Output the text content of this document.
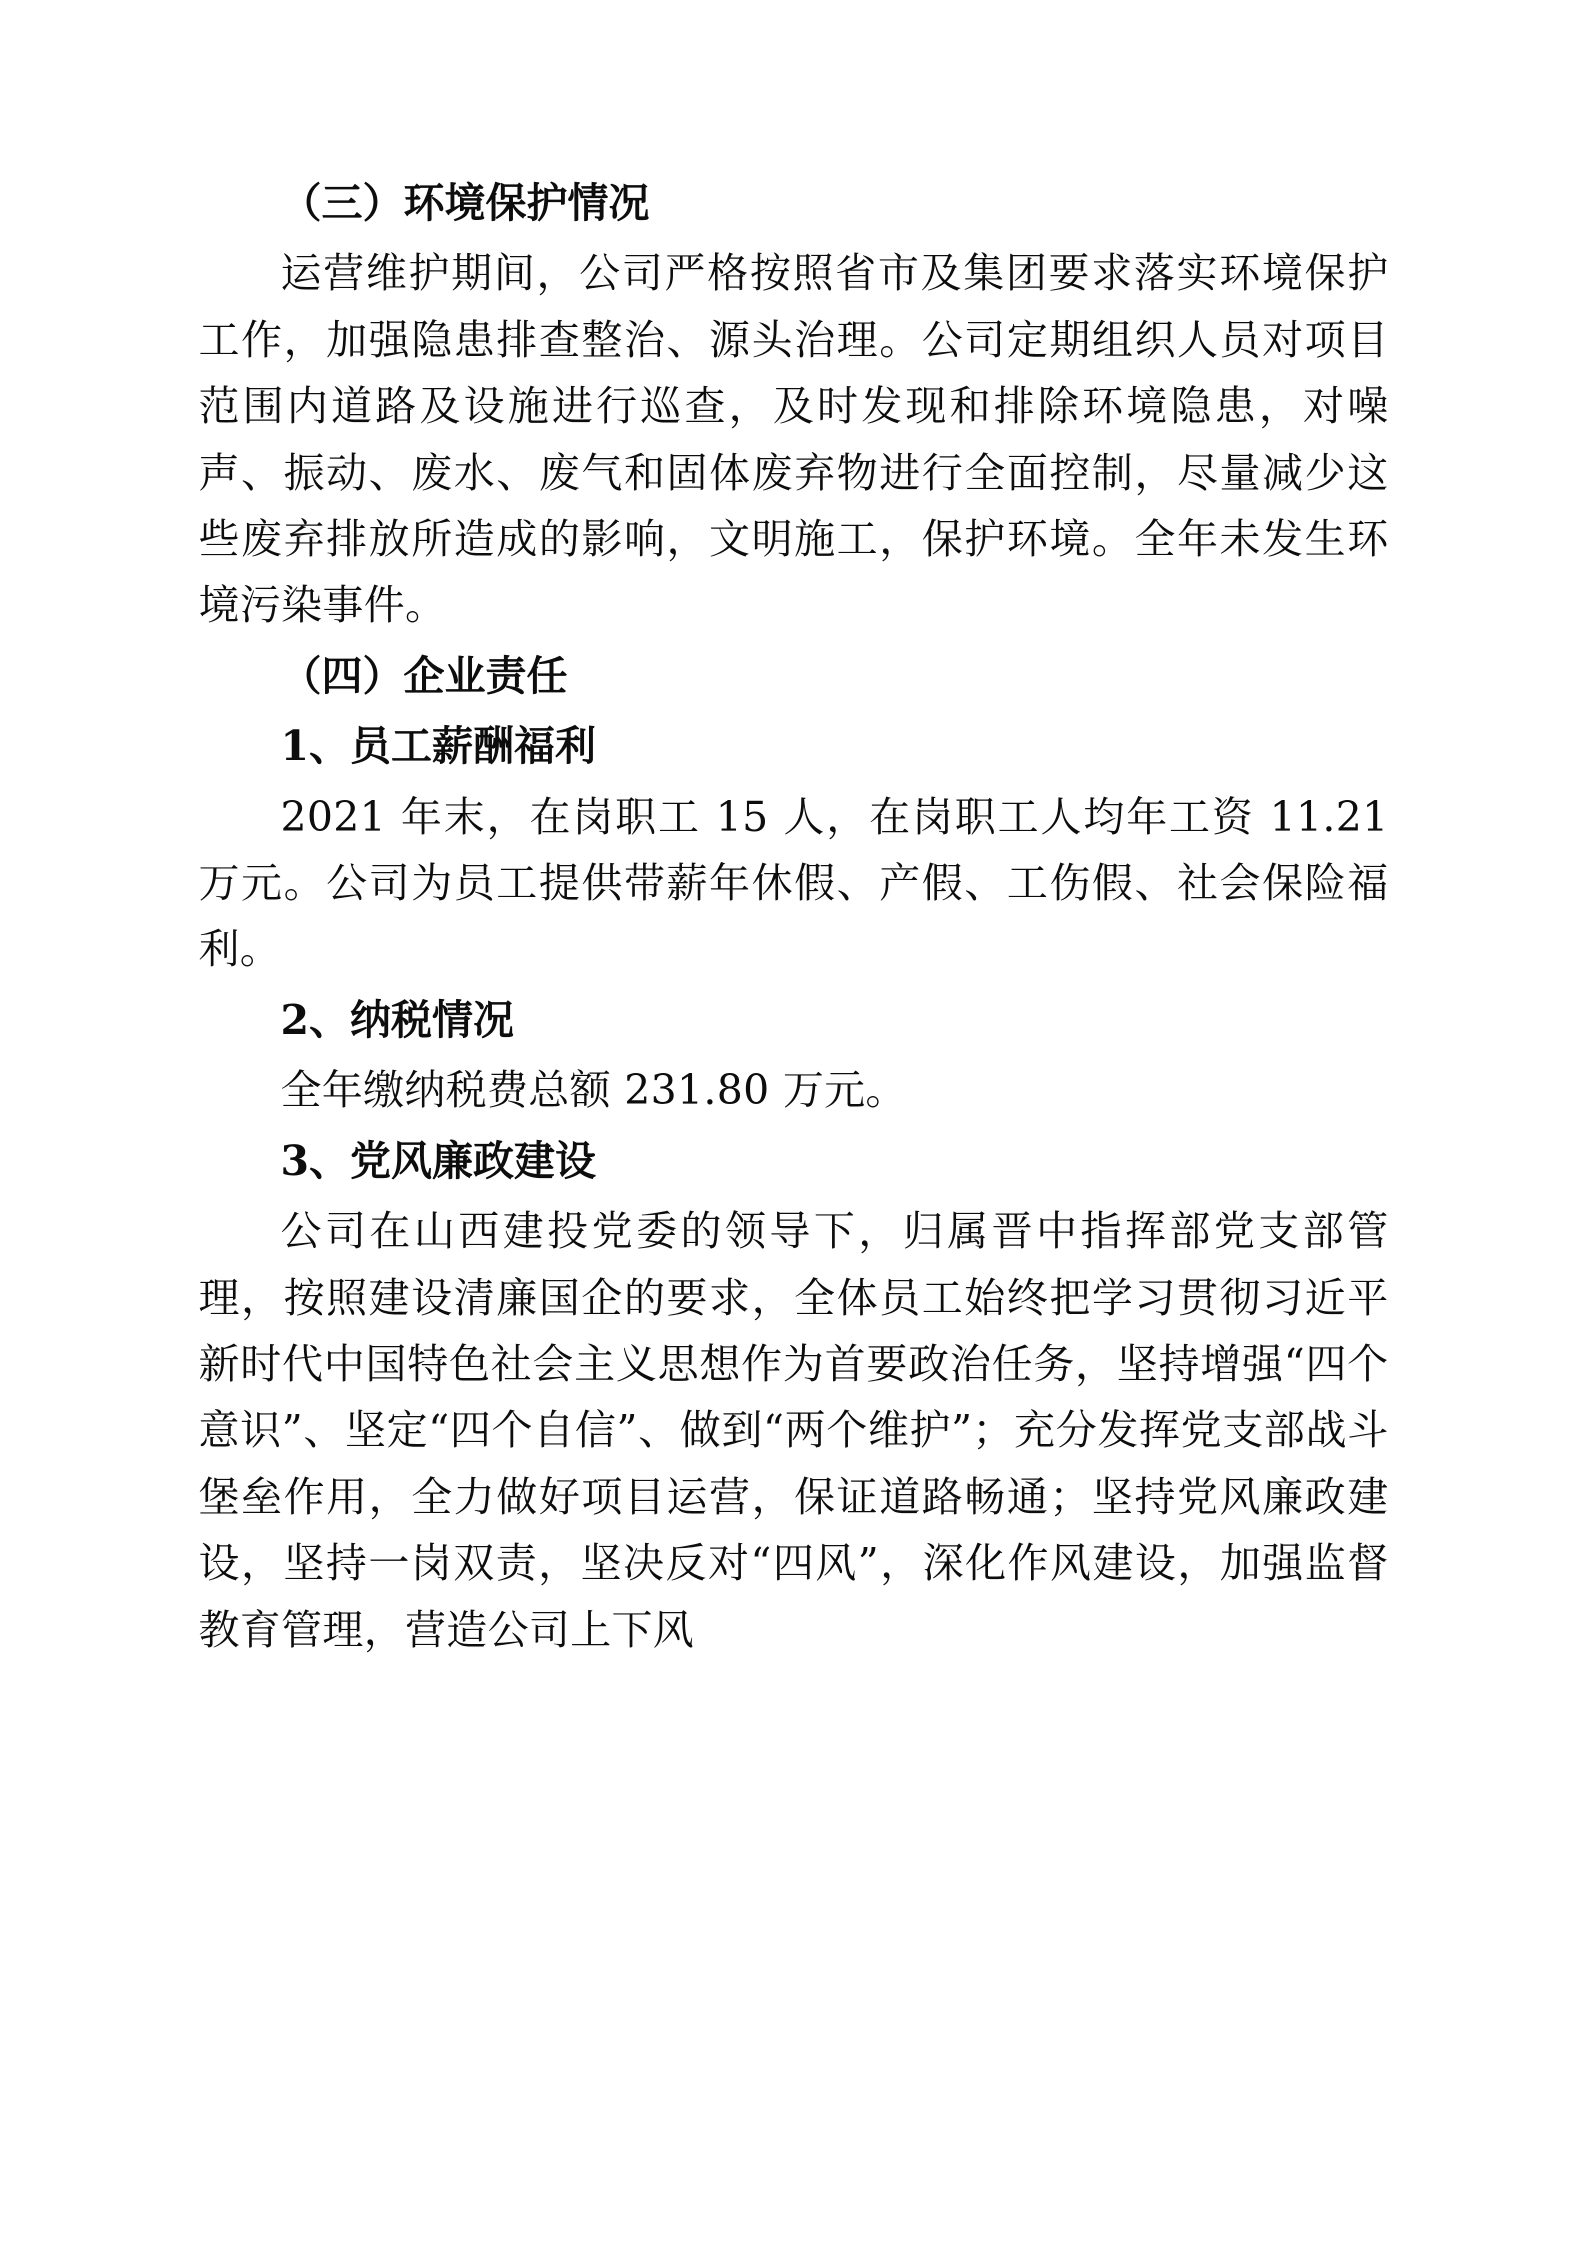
（三）环境保护情况

运营维护期间，公司严格按照省市及集团要求落实环境保护工作，加强隐患排查整治、源头治理。公司定期组织人员对项目范围内道路及设施进行巡查，及时发现和排除环境隐患，对噪声、振动、废水、废气和固体废弃物进行全面控制，尽量减少这些废弃排放所造成的影响，文明施工，保护环境。全年未发生环境污染事件。

（四）企业责任

1、员工薪酬福利

2021 年末，在岗职工 15 人，在岗职工人均年工资 11.21 万元。公司为员工提供带薪年休假、产假、工伤假、社会保险福利。

2、纳税情况

全年缴纳税费总额 231.80 万元。

3、党风廉政建设

公司在山西建投党委的领导下，归属晋中指挥部党支部管理，按照建设清廉国企的要求，全体员工始终把学习贯彻习近平新时代中国特色社会主义思想作为首要政治任务，坚持增强“四个意识”、坚定“四个自信”、做到“两个维护”；充分发挥党支部战斗堡垒作用，全力做好项目运营，保证道路畅通；坚持党风廉政建设，坚持一岗双责，坚决反对“四风”，深化作风建设，加强监督教育管理，营造公司上下风
